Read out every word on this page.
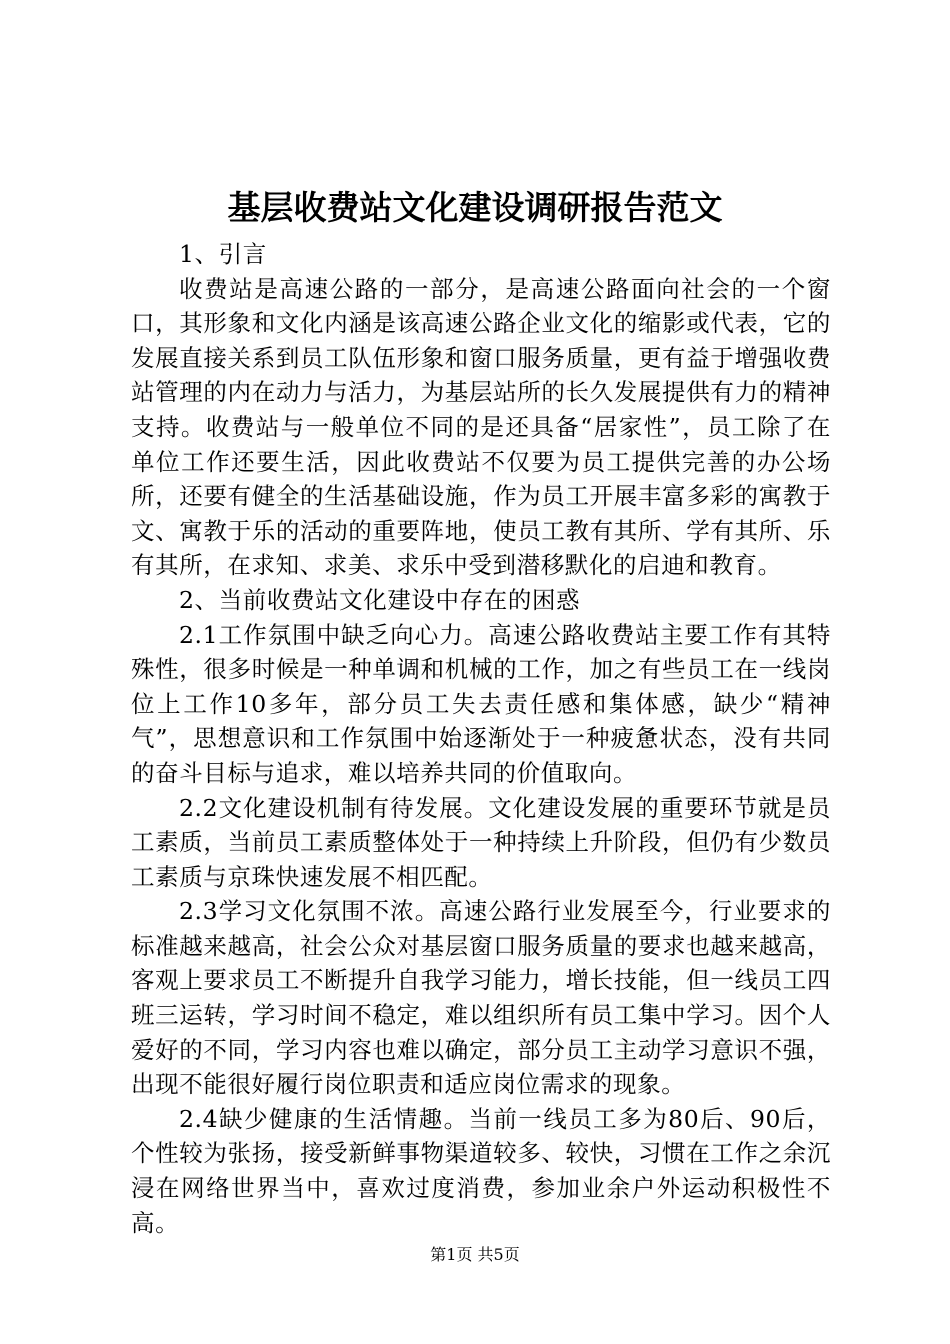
基层收费站文化建设调研报告范文

1、引言

收费站是高速公路的一部分，是高速公路面向社会的一个窗口，其形象和文化内涵是该高速公路企业文化的缩影或代表，它的发展直接关系到员工队伍形象和窗口服务质量，更有益于增强收费站管理的内在动力与活力，为基层站所的长久发展提供有力的精神支持。收费站与一般单位不同的是还具备“居家性”，员工除了在单位工作还要生活，因此收费站不仅要为员工提供完善的办公场所，还要有健全的生活基础设施，作为员工开展丰富多彩的寓教于文、寓教于乐的活动的重要阵地，使员工教有其所、学有其所、乐有其所，在求知、求美、求乐中受到潜移默化的启迪和教育。

2、当前收费站文化建设中存在的困惑

2.1工作氛围中缺乏向心力。高速公路收费站主要工作有其特殊性，很多时候是一种单调和机械的工作，加之有些员工在一线岗位上工作10多年，部分员工失去责任感和集体感，缺少“精神气”，思想意识和工作氛围中始逐渐处于一种疲惫状态，没有共同的奋斗目标与追求，难以培养共同的价值取向。

2.2文化建设机制有待发展。文化建设发展的重要环节就是员工素质，当前员工素质整体处于一种持续上升阶段，但仍有少数员工素质与京珠快速发展不相匹配。

2.3学习文化氛围不浓。高速公路行业发展至今，行业要求的标准越来越高，社会公众对基层窗口服务质量的要求也越来越高，客观上要求员工不断提升自我学习能力，增长技能，但一线员工四班三运转，学习时间不稳定，难以组织所有员工集中学习。因个人爱好的不同，学习内容也难以确定，部分员工主动学习意识不强，出现不能很好履行岗位职责和适应岗位需求的现象。

2.4缺少健康的生活情趣。当前一线员工多为80后、90后，个性较为张扬，接受新鲜事物渠道较多、较快，习惯在工作之余沉浸在网络世界当中，喜欢过度消费，参加业余户外运动积极性不高。

第1页 共5页
